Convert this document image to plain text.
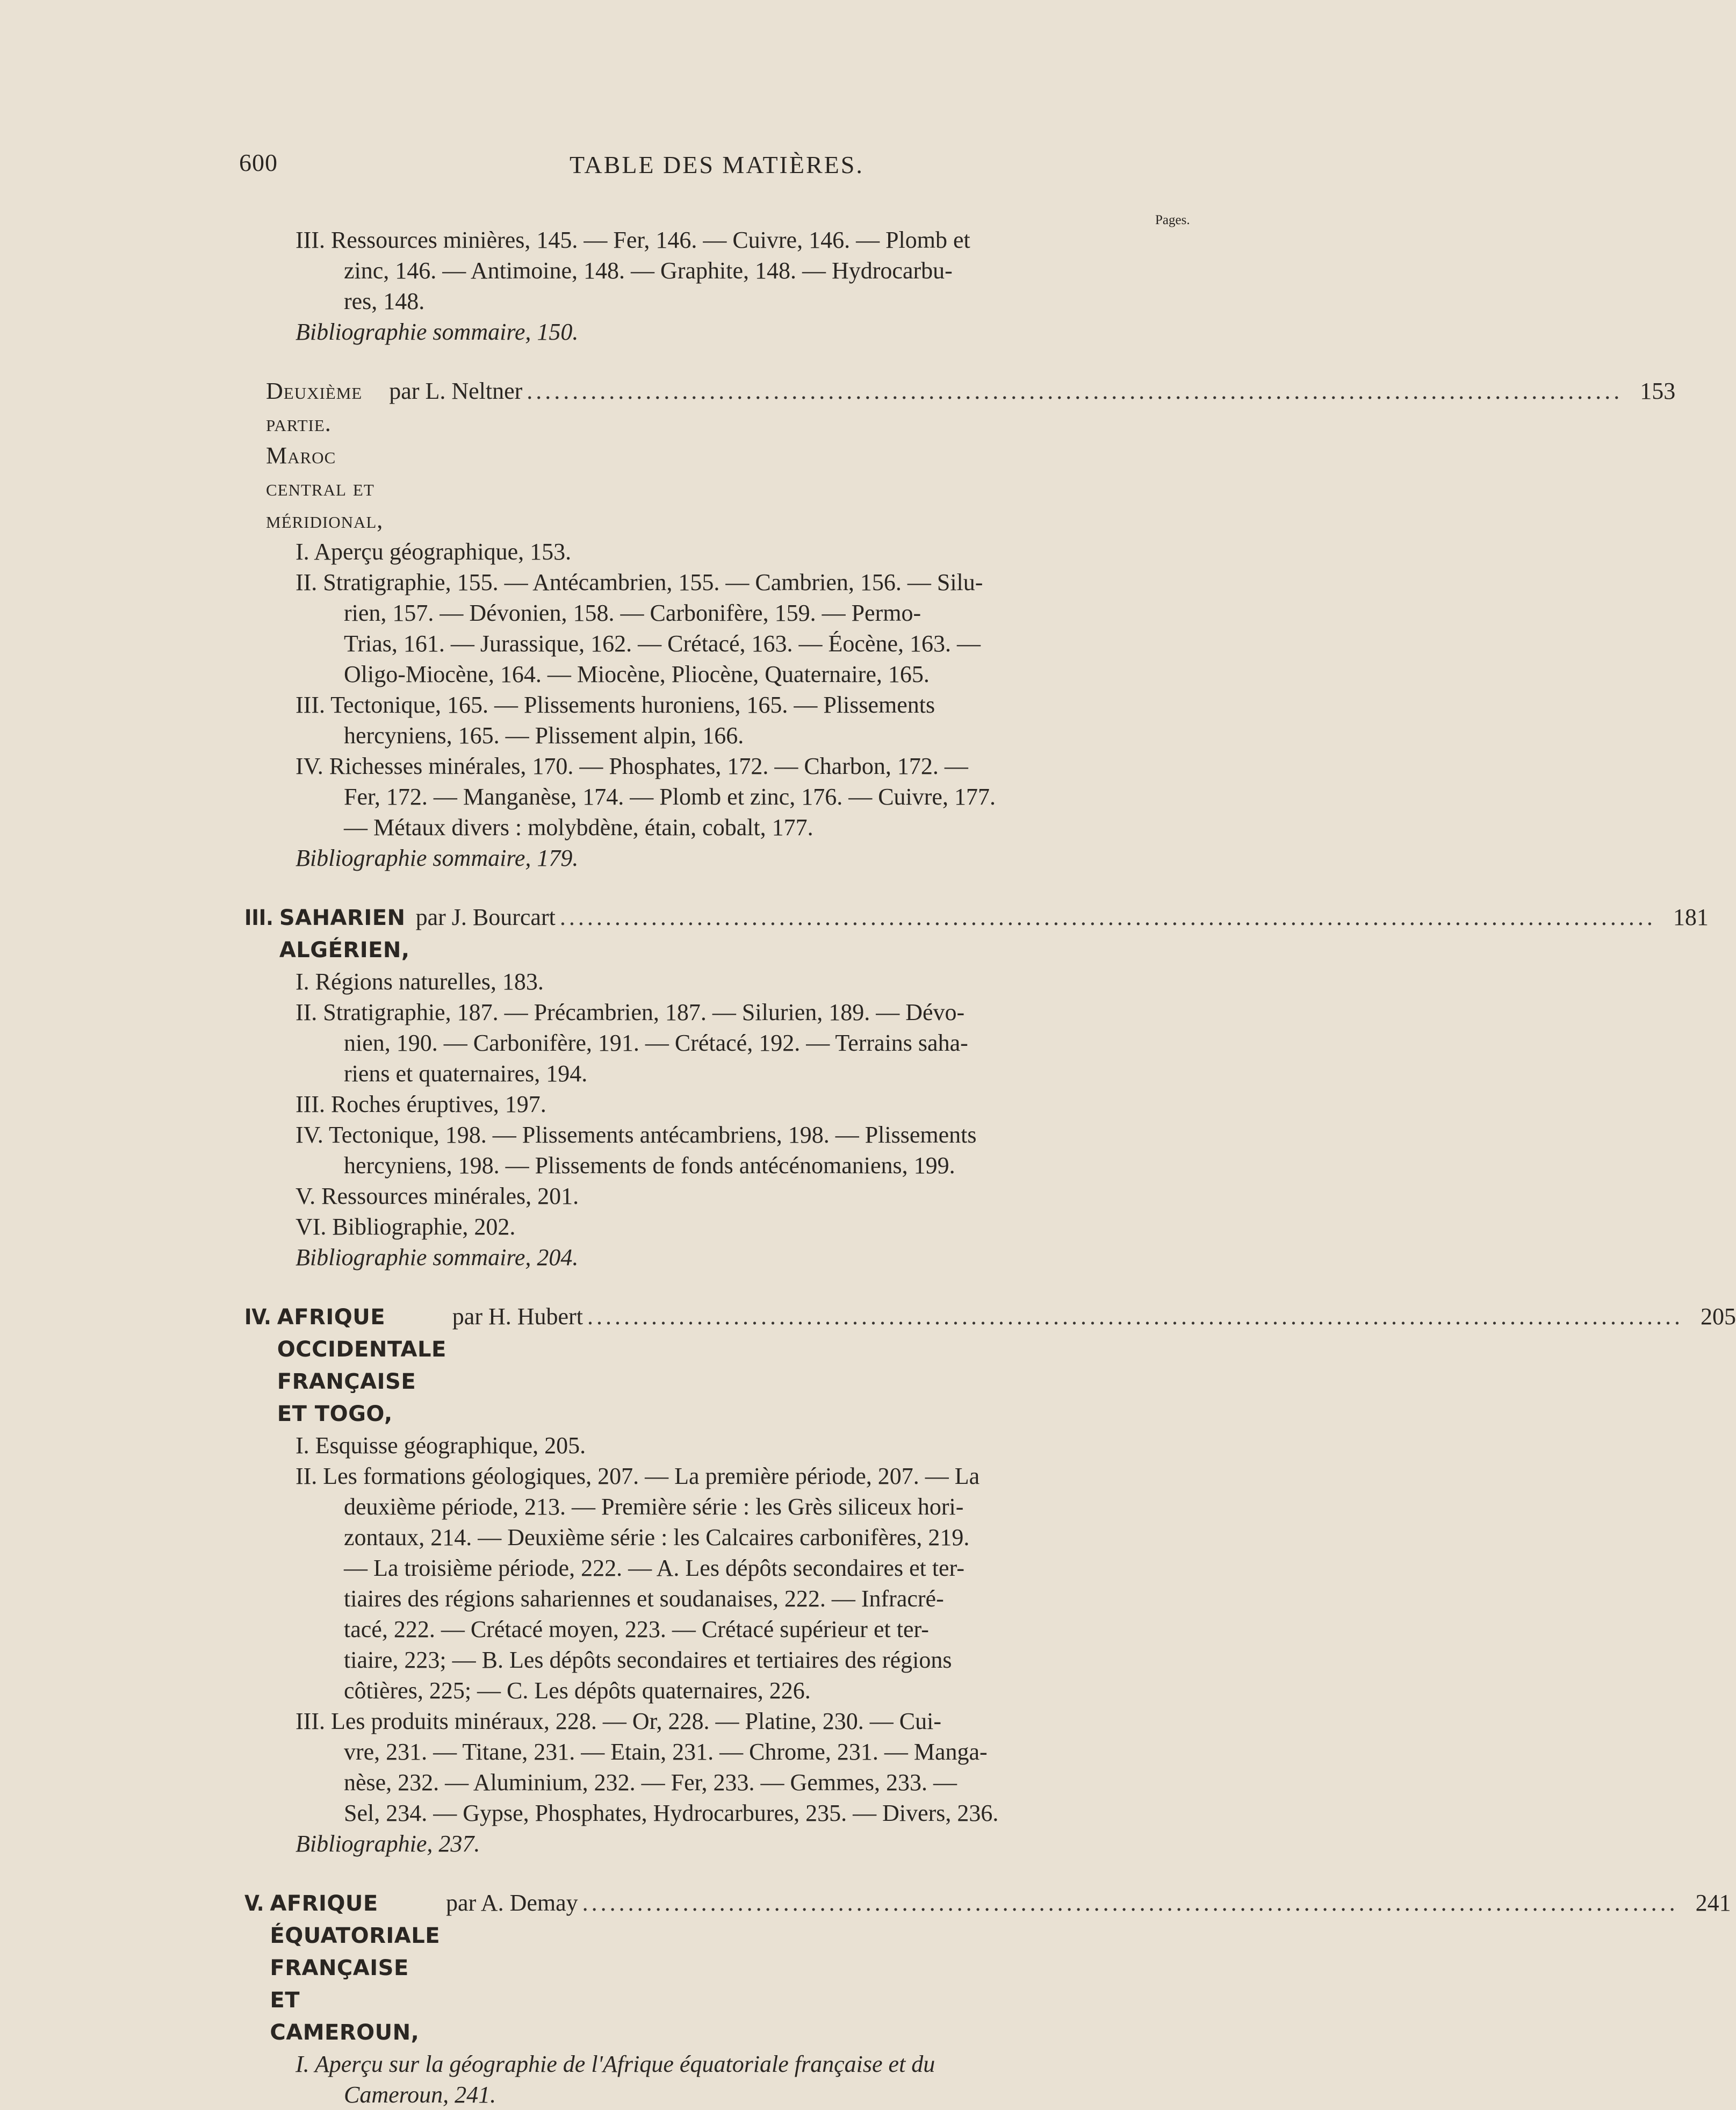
600	TABLE DES MATIÈRES.
Pages.
III. Ressources minières, 145. — Fer, 146. — Cuivre, 146. — Plomb et
zinc, 146. — Antimoine, 148. — Graphite, 148. — Hydrocarbu-
res, 148.
Bibliographie sommaire, 150.
Deuxième partie. Maroc central et méridional,
par L. Neltner ........................................................................................................................ 153
I. Aperçu géographique, 153.
II. Stratigraphie, 155. — Antécambrien, 155. — Cambrien, 156. — Silu-
rien, 157. — Dévonien, 158. — Carbonifère, 159. — Permo-
Trias, 161. — Jurassique, 162. — Crétacé, 163. — Éocène, 163. —
Oligo-Miocène, 164. — Miocène, Pliocène, Quaternaire, 165.
III. Tectonique, 165. — Plissements huroniens, 165. — Plissements
hercyniens, 165. — Plissement alpin, 166.
IV. Richesses minérales, 170. — Phosphates, 172. — Charbon, 172. —
Fer, 172. — Manganèse, 174. — Plomb et zinc, 176. — Cuivre, 177.
— Métaux divers : molybdène, étain, cobalt, 177.
Bibliographie sommaire, 179.
III.
SAHARIEN ALGÉRIEN,
par J. Bourcart ........................................................................................................................ 181
I. Régions naturelles, 183.
II. Stratigraphie, 187. — Précambrien, 187. — Silurien, 189. — Dévo-
nien, 190. — Carbonifère, 191. — Crétacé, 192. — Terrains saha-
riens et quaternaires, 194.
III. Roches éruptives, 197.
IV. Tectonique, 198. — Plissements antécambriens, 198. — Plissements
hercyniens, 198. — Plissements de fonds antécénomaniens, 199.
V. Ressources minérales, 201.
VI. Bibliographie, 202.
Bibliographie sommaire, 204.
IV.
AFRIQUE OCCIDENTALE FRANÇAISE ET TOGO,
par H. Hubert ........................................................................................................................ 205
I. Esquisse géographique, 205.
II. Les formations géologiques, 207. — La première période, 207. — La
deuxième période, 213. — Première série : les Grès siliceux hori-
zontaux, 214. — Deuxième série : les Calcaires carbonifères, 219.
— La troisième période, 222. — A. Les dépôts secondaires et ter-
tiaires des régions sahariennes et soudanaises, 222. — Infracré-
tacé, 222. — Crétacé moyen, 223. — Crétacé supérieur et ter-
tiaire, 223; — B. Les dépôts secondaires et tertiaires des régions
côtières, 225; — C. Les dépôts quaternaires, 226.
III. Les produits minéraux, 228. — Or, 228. — Platine, 230. — Cui-
vre, 231. — Titane, 231. — Etain, 231. — Chrome, 231. — Manga-
nèse, 232. — Aluminium, 232. — Fer, 233. — Gemmes, 233. —
Sel, 234. — Gypse, Phosphates, Hydrocarbures, 235. — Divers, 236.
Bibliographie, 237.
V.
AFRIQUE ÉQUATORIALE FRANÇAISE ET CAMEROUN,
par A. Demay ........................................................................................................................ 241
I. Aperçu sur la géographie de l'Afrique équatoriale française et du
Cameroun, 241.
